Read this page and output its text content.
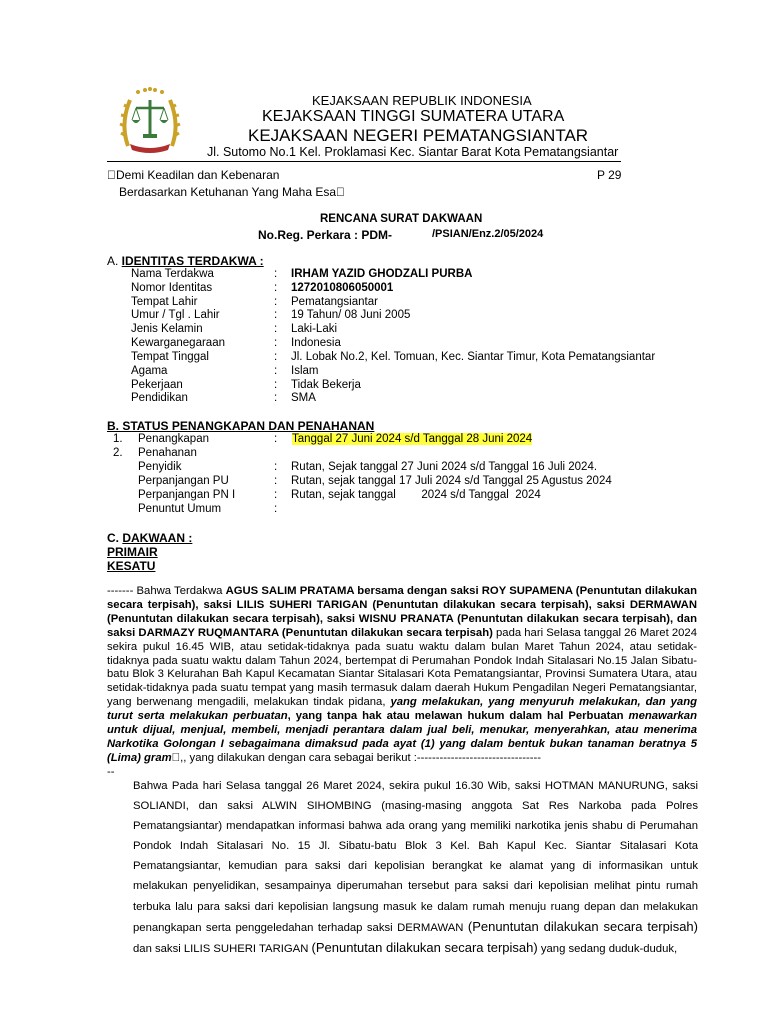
KEJAKSAAN REPUBLIK INDONESIA
KEJAKSAAN TINGGI SUMATERA UTARA
KEJAKSAAN NEGERI PEMATANGSIANTAR
Jl. Sutomo No.1 Kel. Proklamasi Kec. Siantar Barat Kota Pematangsiantar
 Demi Keadilan dan Kebenaran	P 29
Berdasarkan Ketuhanan Yang Maha Esa 
RENCANA SURAT DAKWAAN
No.Reg. Perkara : PDM-	/PSIAN/Enz.2/05/2024
A. IDENTITAS TERDAKWA :
Nama Terdakwa	: IRHAM YAZID GHODZALI PURBA
Nomor Identitas	: 1272010806050001
Tempat Lahir	: Pematangsiantar
Umur / Tgl . Lahir	: 19 Tahun/ 08 Juni 2005
Jenis Kelamin	: Laki-Laki
Kewarganegaraan	: Indonesia
Tempat Tinggal	: Jl. Lobak No.2, Kel. Tomuan, Kec. Siantar Timur, Kota Pematangsiantar
Agama	: Islam
Pekerjaan	: Tidak Bekerja
Pendidikan	: SMA
B. STATUS PENANGKAPAN DAN PENAHANAN
1. Penangkapan	: Tanggal 27 Juni 2024 s/d Tanggal 28 Juni 2024
2. Penahanan
Penyidik	: Rutan, Sejak tanggal 27 Juni 2024 s/d Tanggal 16 Juli 2024.
Perpanjangan PU	: Rutan, sejak tanggal 17 Juli 2024 s/d Tanggal 25 Agustus 2024
Perpanjangan PN I	: Rutan, sejak tanggal        2024 s/d Tanggal  2024
Penuntut Umum	:
C. DAKWAAN :
PRIMAIR
KESATU
------- Bahwa Terdakwa AGUS SALIM PRATAMA bersama dengan saksi ROY SUPAMENA (Penuntutan dilakukan secara terpisah), saksi LILIS SUHERI TARIGAN (Penuntutan dilakukan secara terpisah), saksi DERMAWAN (Penuntutan dilakukan secara terpisah), saksi WISNU PRANATA (Penuntutan dilakukan secara terpisah), dan saksi DARMAZY RUQMANTARA (Penuntutan dilakukan secara terpisah) pada hari Selasa tanggal 26 Maret 2024 sekira pukul 16.45 WIB, atau setidak-tidaknya pada suatu waktu dalam bulan Maret Tahun 2024, atau setidak-tidaknya pada suatu waktu dalam Tahun 2024, bertempat di Perumahan Pondok Indah Sitalasari No.15 Jalan Sibatu-batu Blok 3 Kelurahan Bah Kapul Kecamatan Siantar Sitalasari Kota Pematangsiantar, Provinsi Sumatera Utara, atau setidak-tidaknya pada suatu tempat yang masih termasuk dalam daerah Hukum Pengadilan Negeri Pematangsiantar, yang berwenang mengadili, melakukan tindak pidana, yang melakukan, yang menyuruh melakukan, dan yang turut serta melakukan perbuatan, yang tanpa hak atau melawan hukum dalam hal Perbuatan menawarkan untuk dijual, menjual, membeli, menjadi perantara dalam jual beli, menukar, menyerahkan, atau menerima Narkotika Golongan I sebagaimana dimaksud pada ayat (1) yang dalam bentuk bukan tanaman beratnya 5 (Lima) gram ,, yang dilakukan dengan cara sebagai berikut :---------------------------------
--
Bahwa Pada hari Selasa tanggal 26 Maret 2024, sekira pukul 16.30 Wib, saksi HOTMAN MANURUNG, saksi SOLIANDI, dan saksi ALWIN SIHOMBING (masing-masing anggota Sat Res Narkoba pada Polres Pematangsiantar) mendapatkan informasi bahwa ada orang yang memiliki narkotika jenis shabu di Perumahan Pondok Indah Sitalasari No. 15 Jl. Sibatu-batu Blok 3 Kel. Bah Kapul Kec. Siantar Sitalasari Kota Pematangsiantar, kemudian para saksi dari kepolisian berangkat ke alamat yang di informasikan untuk melakukan penyelidikan, sesampainya diperumahan tersebut para saksi dari kepolisian melihat pintu rumah terbuka lalu para saksi dari kepolisian langsung masuk ke dalam rumah menuju ruang depan dan melakukan penangkapan serta penggeledahan terhadap saksi DERMAWAN (Penuntutan dilakukan secara terpisah) dan saksi LILIS SUHERI TARIGAN (Penuntutan dilakukan secara terpisah) yang sedang duduk-duduk,
